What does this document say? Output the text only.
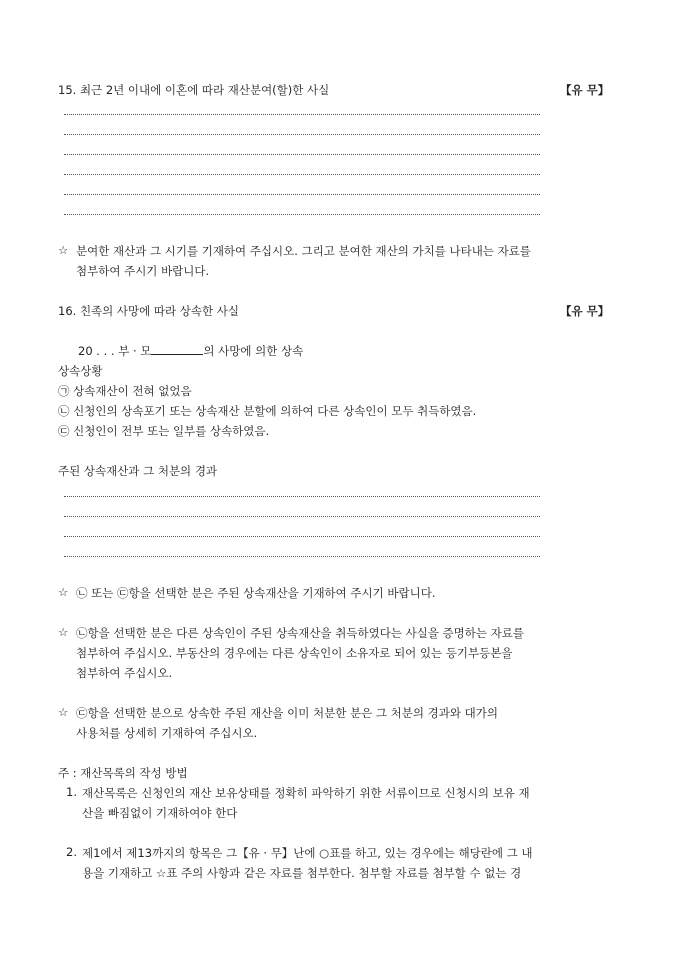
15. 최근 2년 이내에 이혼에 따라 재산분여(할)한 사실	【유 무】
☆ 분여한 재산과 그 시기를 기재하여 주십시오. 그리고 분여한 재산의 가치를 나타내는 자료를
첨부하여 주시기 바랍니다.
16. 친족의 사망에 따라 상속한 사실	【유 무】
20 . . . 부 · 모	의 사망에 의한 상속
상속상황
㉠ 상속재산이 전혀 없었음
㉡ 신청인의 상속포기 또는 상속재산 분할에 의하여 다른 상속인이 모두 취득하였음.
㉢ 신청인이 전부 또는 일부를 상속하였음.
주된 상속재산과 그 처분의 경과
☆ ㉡ 또는 ㉢항을 선택한 분은 주된 상속재산을 기재하여 주시기 바랍니다.
☆ ㉡항을 선택한 분은 다른 상속인이 주된 상속재산을 취득하였다는 사실을 증명하는 자료를
첨부하여 주십시오. 부동산의 경우에는 다른 상속인이 소유자로 되어 있는 등기부등본을
첨부하여 주십시오.
☆ ㉢항을 선택한 분으로 상속한 주된 재산을 이미 처분한 분은 그 처분의 경과와 대가의
사용처를 상세히 기재하여 주십시오.
주 : 재산목록의 작성 방법
1. 재산목록은 신청인의 재산 보유상태를 정확히 파악하기 위한 서류이므로 신청시의 보유 재
산을 빠짐없이 기재하여야 한다
2. 제1에서 제13까지의 항목은 그【유 · 무】난에 ○표를 하고, 있는 경우에는 해당란에 그 내
용을 기재하고 ☆표 주의 사항과 같은 자료를 첨부한다. 첨부할 자료를 첨부할 수 없는 경
